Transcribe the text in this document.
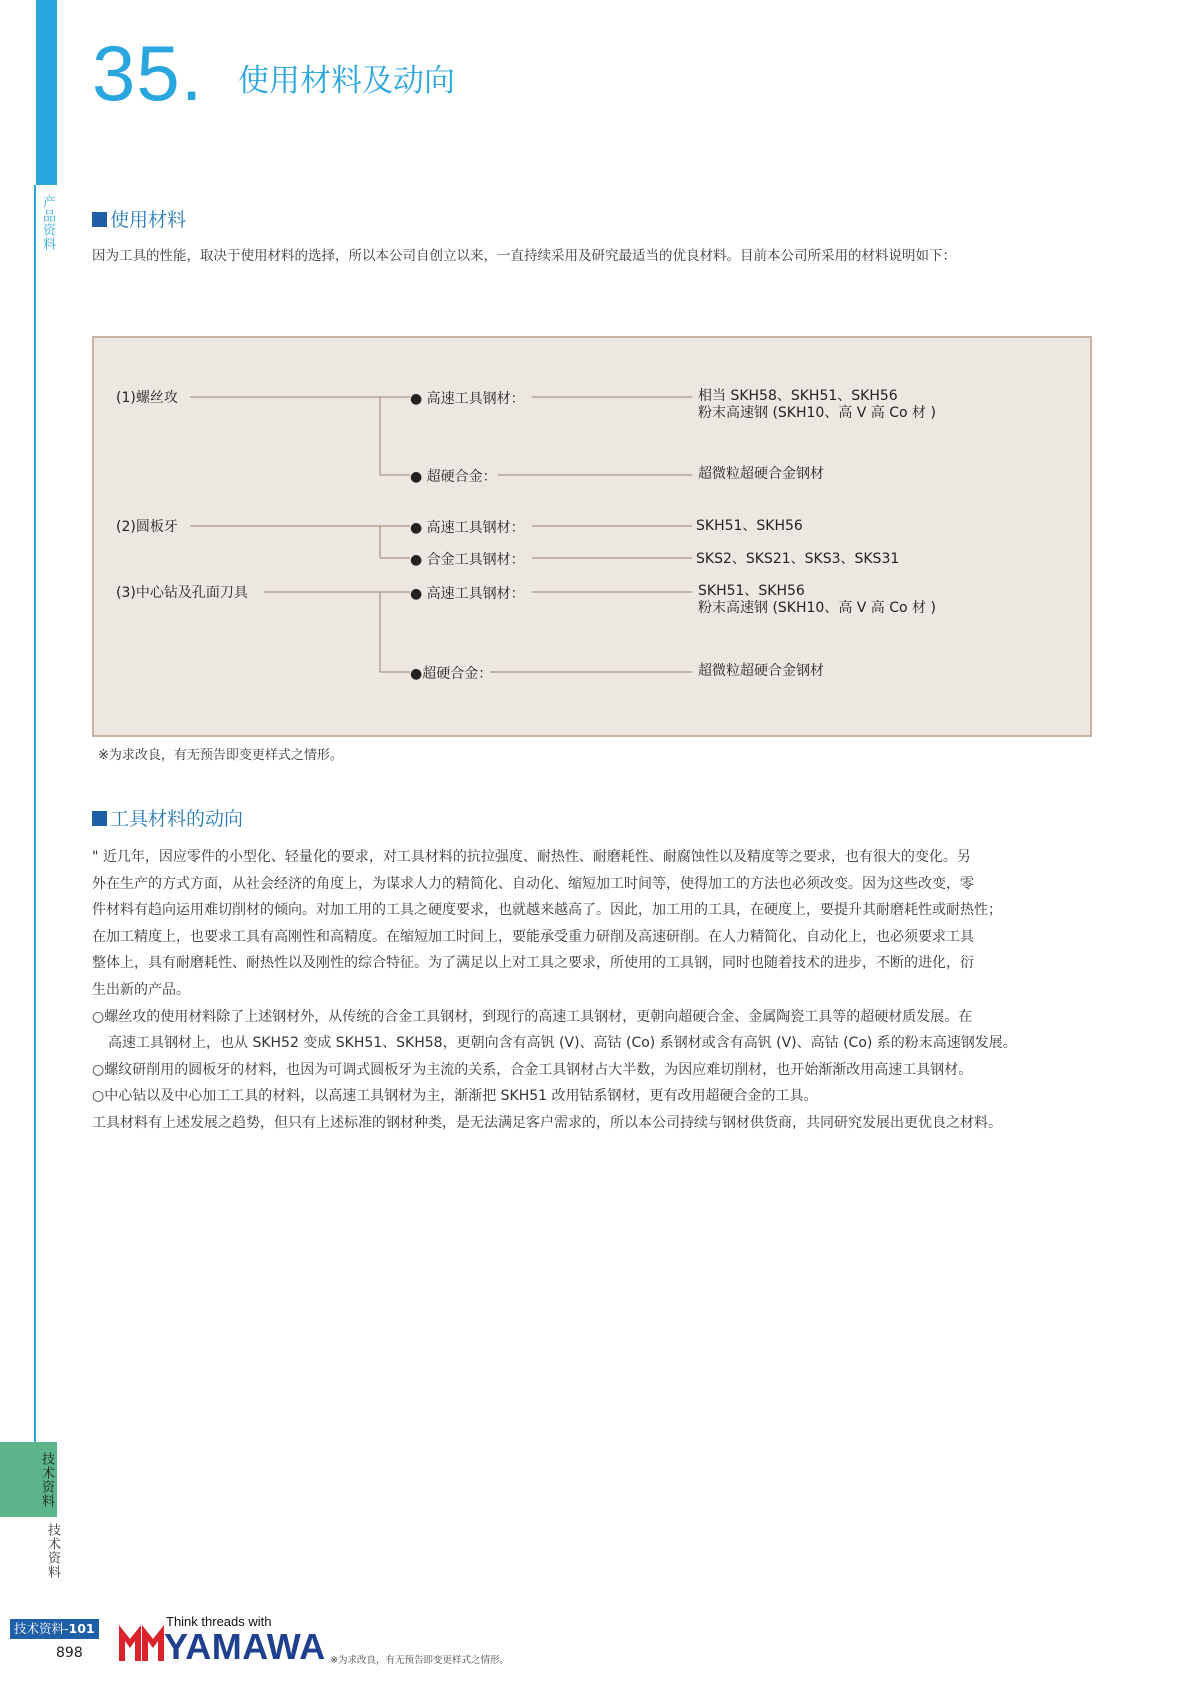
产品资料
技术资料
技术资料
35. 使用材料及动向
使用材料
因为工具的性能，取决于使用材料的选择，所以本公司自创立以来，一直持续采用及研究最适当的优良材料。目前本公司所采用的材料说明如下：
(1)螺丝攻	● 高速工具钢材：	相当 SKH58、SKH51、SKH56
粉末高速钢 (SKH10、高 V 高 Co 材 )
● 超硬合金：	超微粒超硬合金钢材
(2)圆板牙	● 高速工具钢材：	SKH51、SKH56
● 合金工具钢材：	SKS2、SKS21、SKS3、SKS31
(3)中心钻及孔面刀具	● 高速工具钢材：	SKH51、SKH56
粉末高速钢 (SKH10、高 V 高 Co 材 )
●超硬合金：	超微粒超硬合金钢材
※为求改良，有无预告即变更样式之情形。
工具材料的动向

" 近几年，因应零件的小型化、轻量化的要求，对工具材料的抗拉强度、耐热性、耐磨耗性、耐腐蚀性以及精度等之要求，也有很大的变化。另

外在生产的方式方面，从社会经济的角度上，为谋求人力的精简化、自动化、缩短加工时间等，使得加工的方法也必须改变。因为这些改变，零

件材料有趋向运用难切削材的倾向。对加工用的工具之硬度要求，也就越来越高了。因此，加工用的工具，在硬度上，要提升其耐磨耗性或耐热性；

在加工精度上，也要求工具有高刚性和高精度。在缩短加工时间上，要能承受重力研削及高速研削。在人力精简化、自动化上，也必须要求工具

整体上，具有耐磨耗性、耐热性以及刚性的综合特征。为了满足以上对工具之要求，所使用的工具钢，同时也随着技术的进步，不断的进化，衍

生出新的产品。

○螺丝攻的使用材料除了上述钢材外，从传统的合金工具钢材，到现行的高速工具钢材，更朝向超硬合金、金属陶瓷工具等的超硬材质发展。在

高速工具钢材上，也从 SKH52 变成 SKH51、SKH58，更朝向含有高钒 (V)、高钴 (Co) 系钢材或含有高钒 (V)、高钴 (Co) 系的粉末高速钢发展。

○螺纹研削用的圆板牙的材料，也因为可调式圆板牙为主流的关系，合金工具钢材占大半数，为因应难切削材，也开始渐渐改用高速工具钢材。

○中心钻以及中心加工工具的材料，以高速工具钢材为主，渐渐把 SKH51 改用钴系钢材，更有改用超硬合金的工具。

工具材料有上述发展之趋势，但只有上述标准的钢材种类，是无法满足客户需求的，所以本公司持续与钢材供货商，共同研究发展出更优良之材料。

技术资料-101
898
Think threads with
YAMAWA ※为求改良，有无预告即变更样式之情形。
